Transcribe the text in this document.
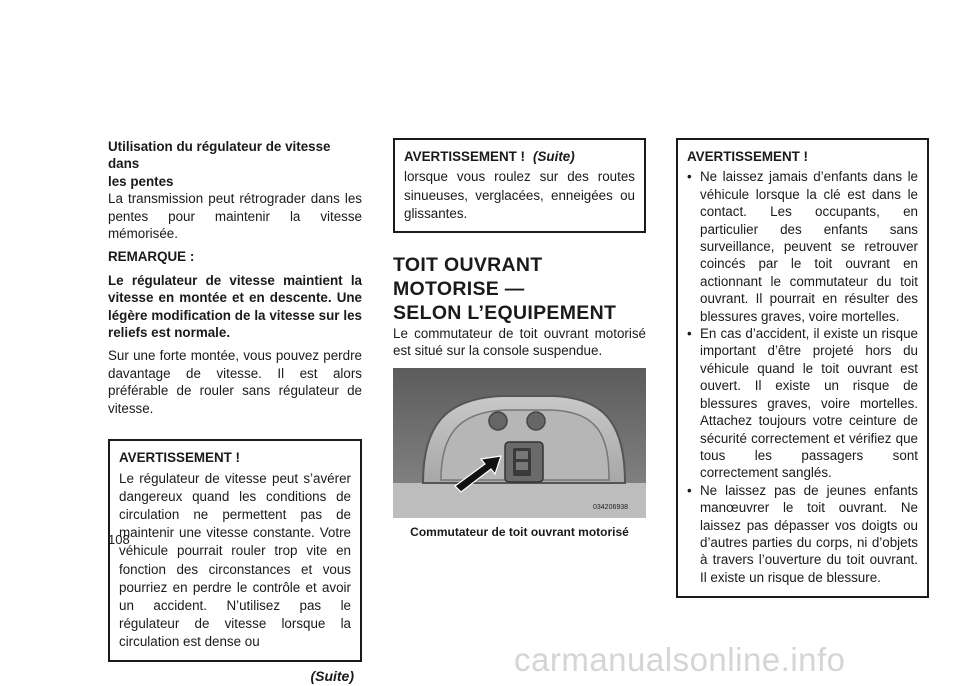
Utilisation du régulateur de vitesse dans

les pentes

La transmission peut rétrograder dans les pentes pour maintenir la vitesse mémorisée.

REMARQUE :

Le régulateur de vitesse maintient la vitesse en montée et en descente. Une légère modification de la vitesse sur les reliefs est normale.

Sur une forte montée, vous pouvez perdre davantage de vitesse. Il est alors préférable de rouler sans régulateur de vitesse.

AVERTISSEMENT !

Le régulateur de vitesse peut s’avérer dangereux quand les conditions de circulation ne permettent pas de maintenir une vitesse constante. Votre véhicule pourrait rouler trop vite en fonction des circonstances et vous pourriez en perdre le contrôle et avoir un accident. N’utilisez pas le régulateur de vitesse lorsque la circulation est dense ou

(Suite)

AVERTISSEMENT ! (Suite)

lorsque vous roulez sur des routes sinueuses, verglacées, enneigées ou glissantes.

TOIT OUVRANT MOTORISE —

SELON L’EQUIPEMENT

Le commutateur de toit ouvrant motorisé est situé sur la console suspendue.

034206938

Commutateur de toit ouvrant motorisé

AVERTISSEMENT !

• Ne laissez jamais d’enfants dans le véhicule lorsque la clé est dans le contact. Les occupants, en particulier des enfants sans surveillance, peuvent se retrouver coincés par le toit ouvrant en actionnant le commutateur du toit ouvrant. Il pourrait en résulter des blessures graves, voire mortelles.
• En cas d’accident, il existe un risque important d’être projeté hors du véhicule quand le toit ouvrant est ouvert. Il existe un risque de blessures graves, voire mortelles. Attachez toujours votre ceinture de sécurité correctement et vérifiez que tous les passagers sont correctement sanglés.
• Ne laissez pas de jeunes enfants manœuvrer le toit ouvrant. Ne laissez pas dépasser vos doigts ou d’autres parties du corps, ni d’objets à travers l’ouverture du toit ouvrant. Il existe un risque de blessure.
108
carmanualsonline.info
